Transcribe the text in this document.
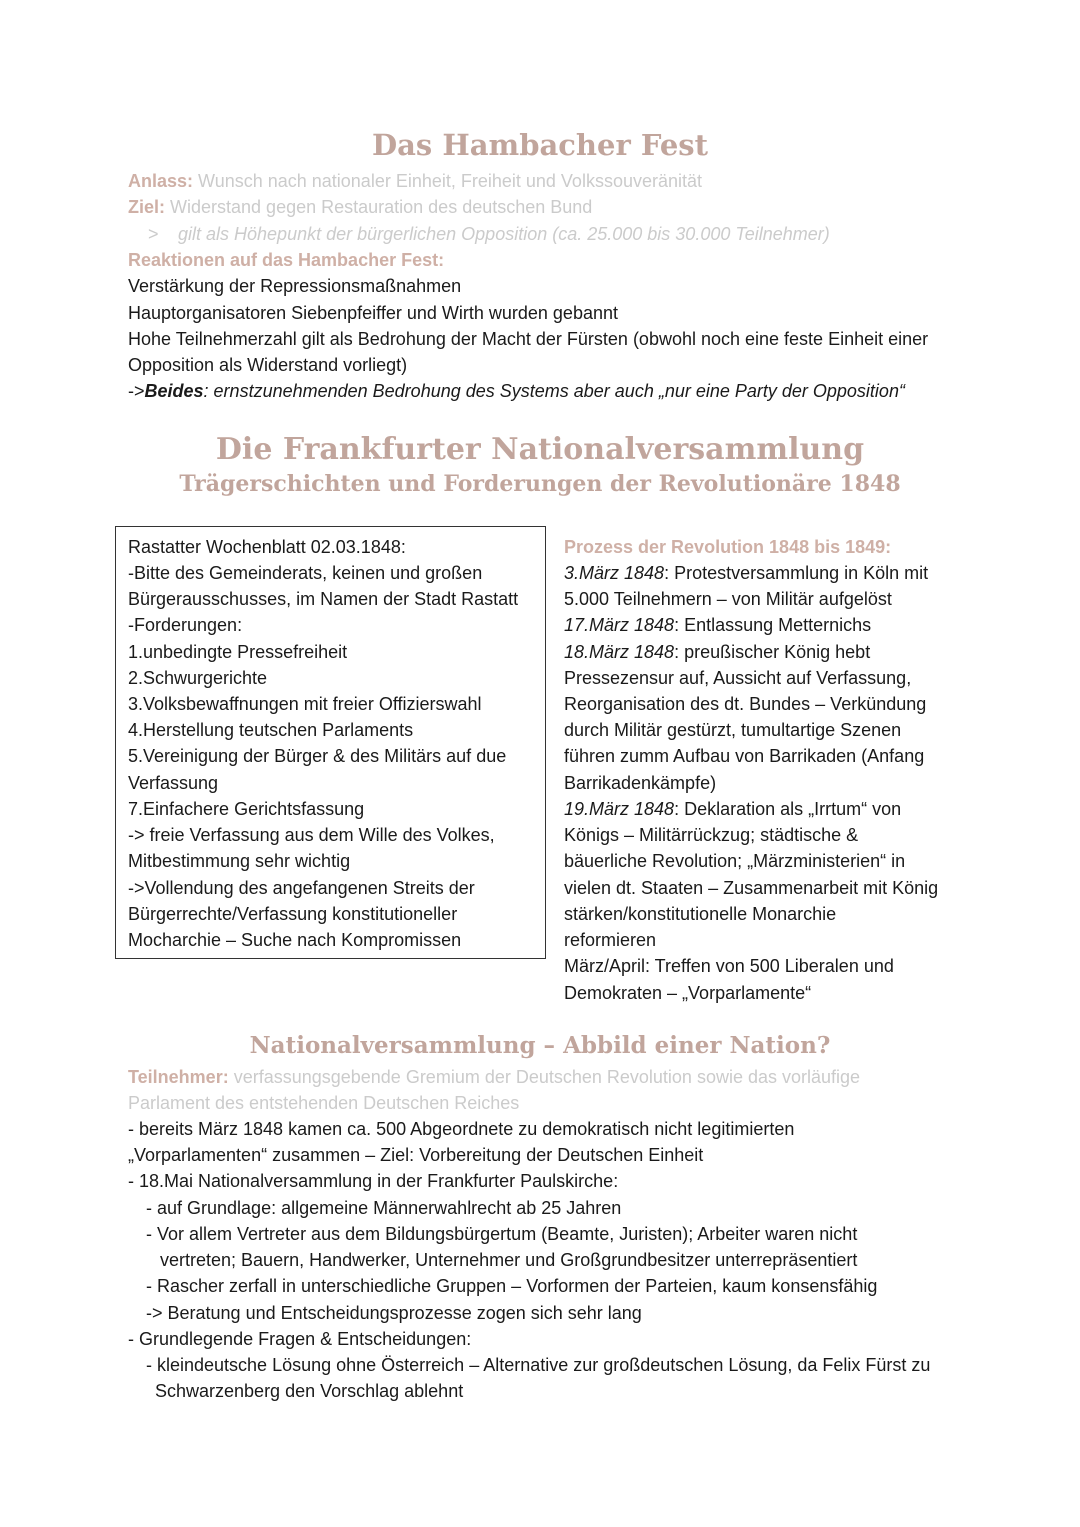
Das Hambacher Fest
Anlass: Wunsch nach nationaler Einheit, Freiheit und Volkssouveränität
Ziel: Widerstand gegen Restauration des deutschen Bund
> gilt als Höhepunkt der bürgerlichen Opposition (ca. 25.000 bis 30.000 Teilnehmer)
Reaktionen auf das Hambacher Fest:
Verstärkung der Repressionsmaßnahmen
Hauptorganisatoren Siebenpfeiffer und Wirth wurden gebannt
Hohe Teilnehmerzahl gilt als Bedrohung der Macht der Fürsten (obwohl noch eine feste Einheit einer
Opposition als Widerstand vorliegt)
->Beides: ernstzunehmenden Bedrohung des Systems aber auch „nur eine Party der Opposition“
Die Frankfurter Nationalversammlung
Trägerschichten und Forderungen der Revolutionäre 1848
Rastatter Wochenblatt 02.03.1848:
-Bitte des Gemeinderats, keinen und großen
Bürgerausschusses, im Namen der Stadt Rastatt
-Forderungen:
1.unbedingte Pressefreiheit
2.Schwurgerichte
3.Volksbewaffnungen mit freier Offizierswahl
4.Herstellung teutschen Parlaments
5.Vereinigung der Bürger & des Militärs auf due
Verfassung
7.Einfachere Gerichtsfassung
-> freie Verfassung aus dem Wille des Volkes,
Mitbestimmung sehr wichtig
->Vollendung des angefangenen Streits der
Bürgerrechte/Verfassung konstitutioneller
Mocharchie – Suche nach Kompromissen
Prozess der Revolution 1848 bis 1849:
3.März 1848: Protestversammlung in Köln mit
5.000 Teilnehmern – von Militär aufgelöst
17.März 1848: Entlassung Metternichs
18.März 1848: preußischer König hebt
Pressezensur auf, Aussicht auf Verfassung,
Reorganisation des dt. Bundes – Verkündung
durch Militär gestürzt, tumultartige Szenen
führen zumm Aufbau von Barrikaden (Anfang
Barrikadenkämpfe)
19.März 1848: Deklaration als „Irrtum“ von
Königs – Militärrückzug; städtische &
bäuerliche Revolution; „Märzministerien“ in
vielen dt. Staaten – Zusammenarbeit mit König
stärken/konstitutionelle Monarchie
reformieren
März/April: Treffen von 500 Liberalen und
Demokraten – „Vorparlamente“
Nationalversammlung – Abbild einer Nation?
Teilnehmer: verfassungsgebende Gremium der Deutschen Revolution sowie das vorläufige
Parlament des entstehenden Deutschen Reiches
- bereits März 1848 kamen ca. 500 Abgeordnete zu demokratisch nicht legitimierten
„Vorparlamenten“ zusammen – Ziel: Vorbereitung der Deutschen Einheit
- 18.Mai Nationalversammlung in der Frankfurter Paulskirche:
- auf Grundlage: allgemeine Männerwahlrecht ab 25 Jahren
- Vor allem Vertreter aus dem Bildungsbürgertum (Beamte, Juristen); Arbeiter waren nicht
vertreten; Bauern, Handwerker, Unternehmer und Großgrundbesitzer unterrepräsentiert
- Rascher zerfall in unterschiedliche Gruppen – Vorformen der Parteien, kaum konsensfähig
-> Beratung und Entscheidungsprozesse zogen sich sehr lang
- Grundlegende Fragen & Entscheidungen:
- kleindeutsche Lösung ohne Österreich – Alternative zur großdeutschen Lösung, da Felix Fürst zu
Schwarzenberg den Vorschlag ablehnt
